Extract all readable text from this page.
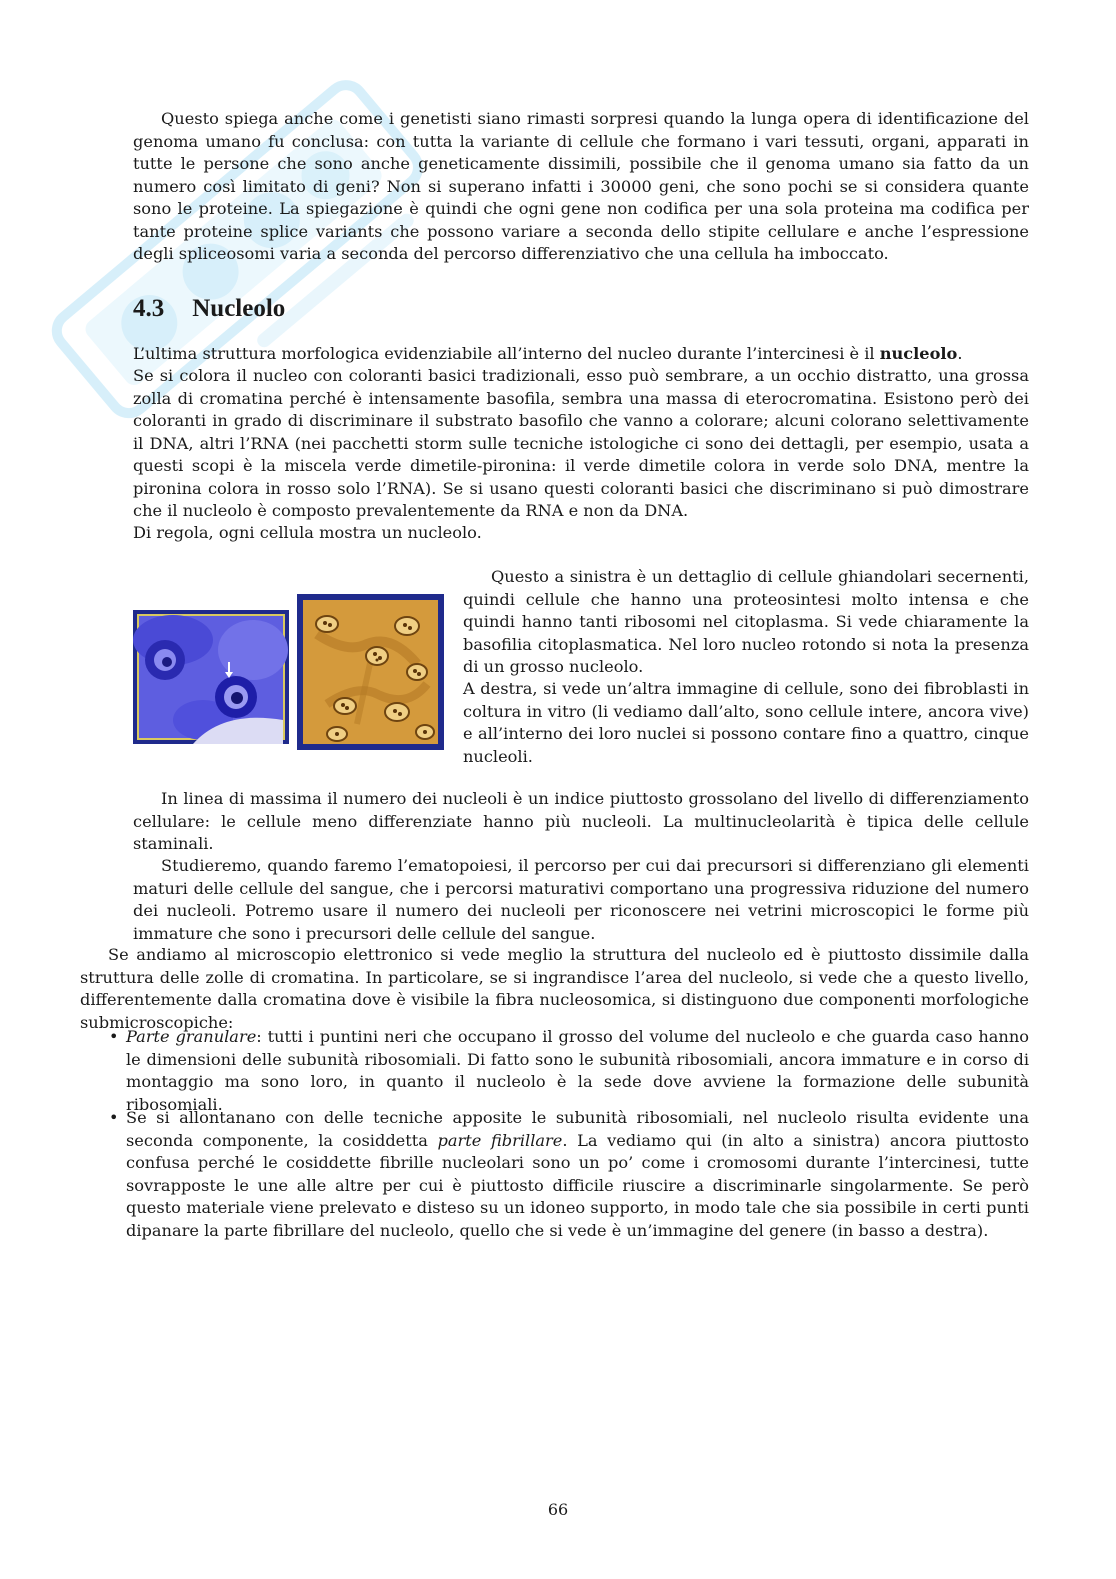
Questo spiega anche come i genetisti siano rimasti sorpresi quando la lunga opera di identificazione del genoma umano fu conclusa: con tutta la variante di cellule che formano i vari tessuti, organi, apparati in tutte le persone che sono anche geneticamente dissimili, possibile che il genoma umano sia fatto da un numero così limitato di geni? Non si superano infatti i 30000 geni, che sono pochi se si considera quante sono le proteine. La spiegazione è quindi che ogni gene non codifica per una sola proteina ma codifica per tante proteine splice variants che possono variare a seconda dello stipite cellulare e anche l’espressione degli spliceosomi varia a seconda del percorso differenziativo che una cellula ha imboccato.

4.3 Nucleolo

L’ultima struttura morfologica evidenziabile all’interno del nucleo durante l’intercinesi è il nucleolo.

Se si colora il nucleo con coloranti basici tradizionali, esso può sembrare, a un occhio distratto, una grossa zolla di cromatina perché è intensamente basofila, sembra una massa di eterocromatina. Esistono però dei coloranti in grado di discriminare il substrato basofilo che vanno a colorare; alcuni colorano selettivamente il DNA, altri l’RNA (nei pacchetti storm sulle tecniche istologiche ci sono dei dettagli, per esempio, usata a questi scopi è la miscela verde dimetile-pironina: il verde dimetile colora in verde solo DNA, mentre la pironina colora in rosso solo l’RNA). Se si usano questi coloranti basici che discriminano si può dimostrare che il nucleolo è composto prevalentemente da RNA e non da DNA.

Di regola, ogni cellula mostra un nucleolo.

Questo a sinistra è un dettaglio di cellule ghiandolari secernenti, quindi cellule che hanno una proteosintesi molto intensa e che quindi hanno tanti ribosomi nel citoplasma. Si vede chiaramente la basofilia citoplasmatica. Nel loro nucleo rotondo si nota la presenza di un grosso nucleolo.

A destra, si vede un’altra immagine di cellule, sono dei fibroblasti in coltura in vitro (li vediamo dall’alto, sono cellule intere, ancora vive) e all’interno dei loro nuclei si possono contare fino a quattro, cinque nucleoli.

In linea di massima il numero dei nucleoli è un indice piuttosto grossolano del livello di differenziamento cellulare: le cellule meno differenziate hanno più nucleoli. La multinucleolarità è tipica delle cellule staminali.

Studieremo, quando faremo l’ematopoiesi, il percorso per cui dai precursori si differenziano gli elementi maturi delle cellule del sangue, che i percorsi maturativi comportano una progressiva riduzione del numero dei nucleoli. Potremo usare il numero dei nucleoli per riconoscere nei vetrini microscopici le forme più immature che sono i precursori delle cellule del sangue.

Se andiamo al microscopio elettronico si vede meglio la struttura del nucleolo ed è piuttosto dissimile dalla struttura delle zolle di cromatina. In particolare, se si ingrandisce l’area del nucleolo, si vede che a questo livello, differentemente dalla cromatina dove è visibile la fibra nucleosomica, si distinguono due componenti morfologiche submicroscopiche:

• Parte granulare: tutti i puntini neri che occupano il grosso del volume del nucleolo e che guarda caso hanno le dimensioni delle subunità ribosomiali. Di fatto sono le subunità ribosomiali, ancora immature e in corso di montaggio ma sono loro, in quanto il nucleolo è la sede dove avviene la formazione delle subunità ribosomiali.

• Se si allontanano con delle tecniche apposite le subunità ribosomiali, nel nucleolo risulta evidente una seconda componente, la cosiddetta parte fibrillare. La vediamo qui (in alto a sinistra) ancora piuttosto confusa perché le cosiddette fibrille nucleolari sono un po’ come i cromosomi durante l’intercinesi, tutte sovrapposte le une alle altre per cui è piuttosto difficile riuscire a discriminarle singolarmente. Se però questo materiale viene prelevato e disteso su un idoneo supporto, in modo tale che sia possibile in certi punti dipanare la parte fibrillare del nucleolo, quello che si vede è un’immagine del genere (in basso a destra).

66
